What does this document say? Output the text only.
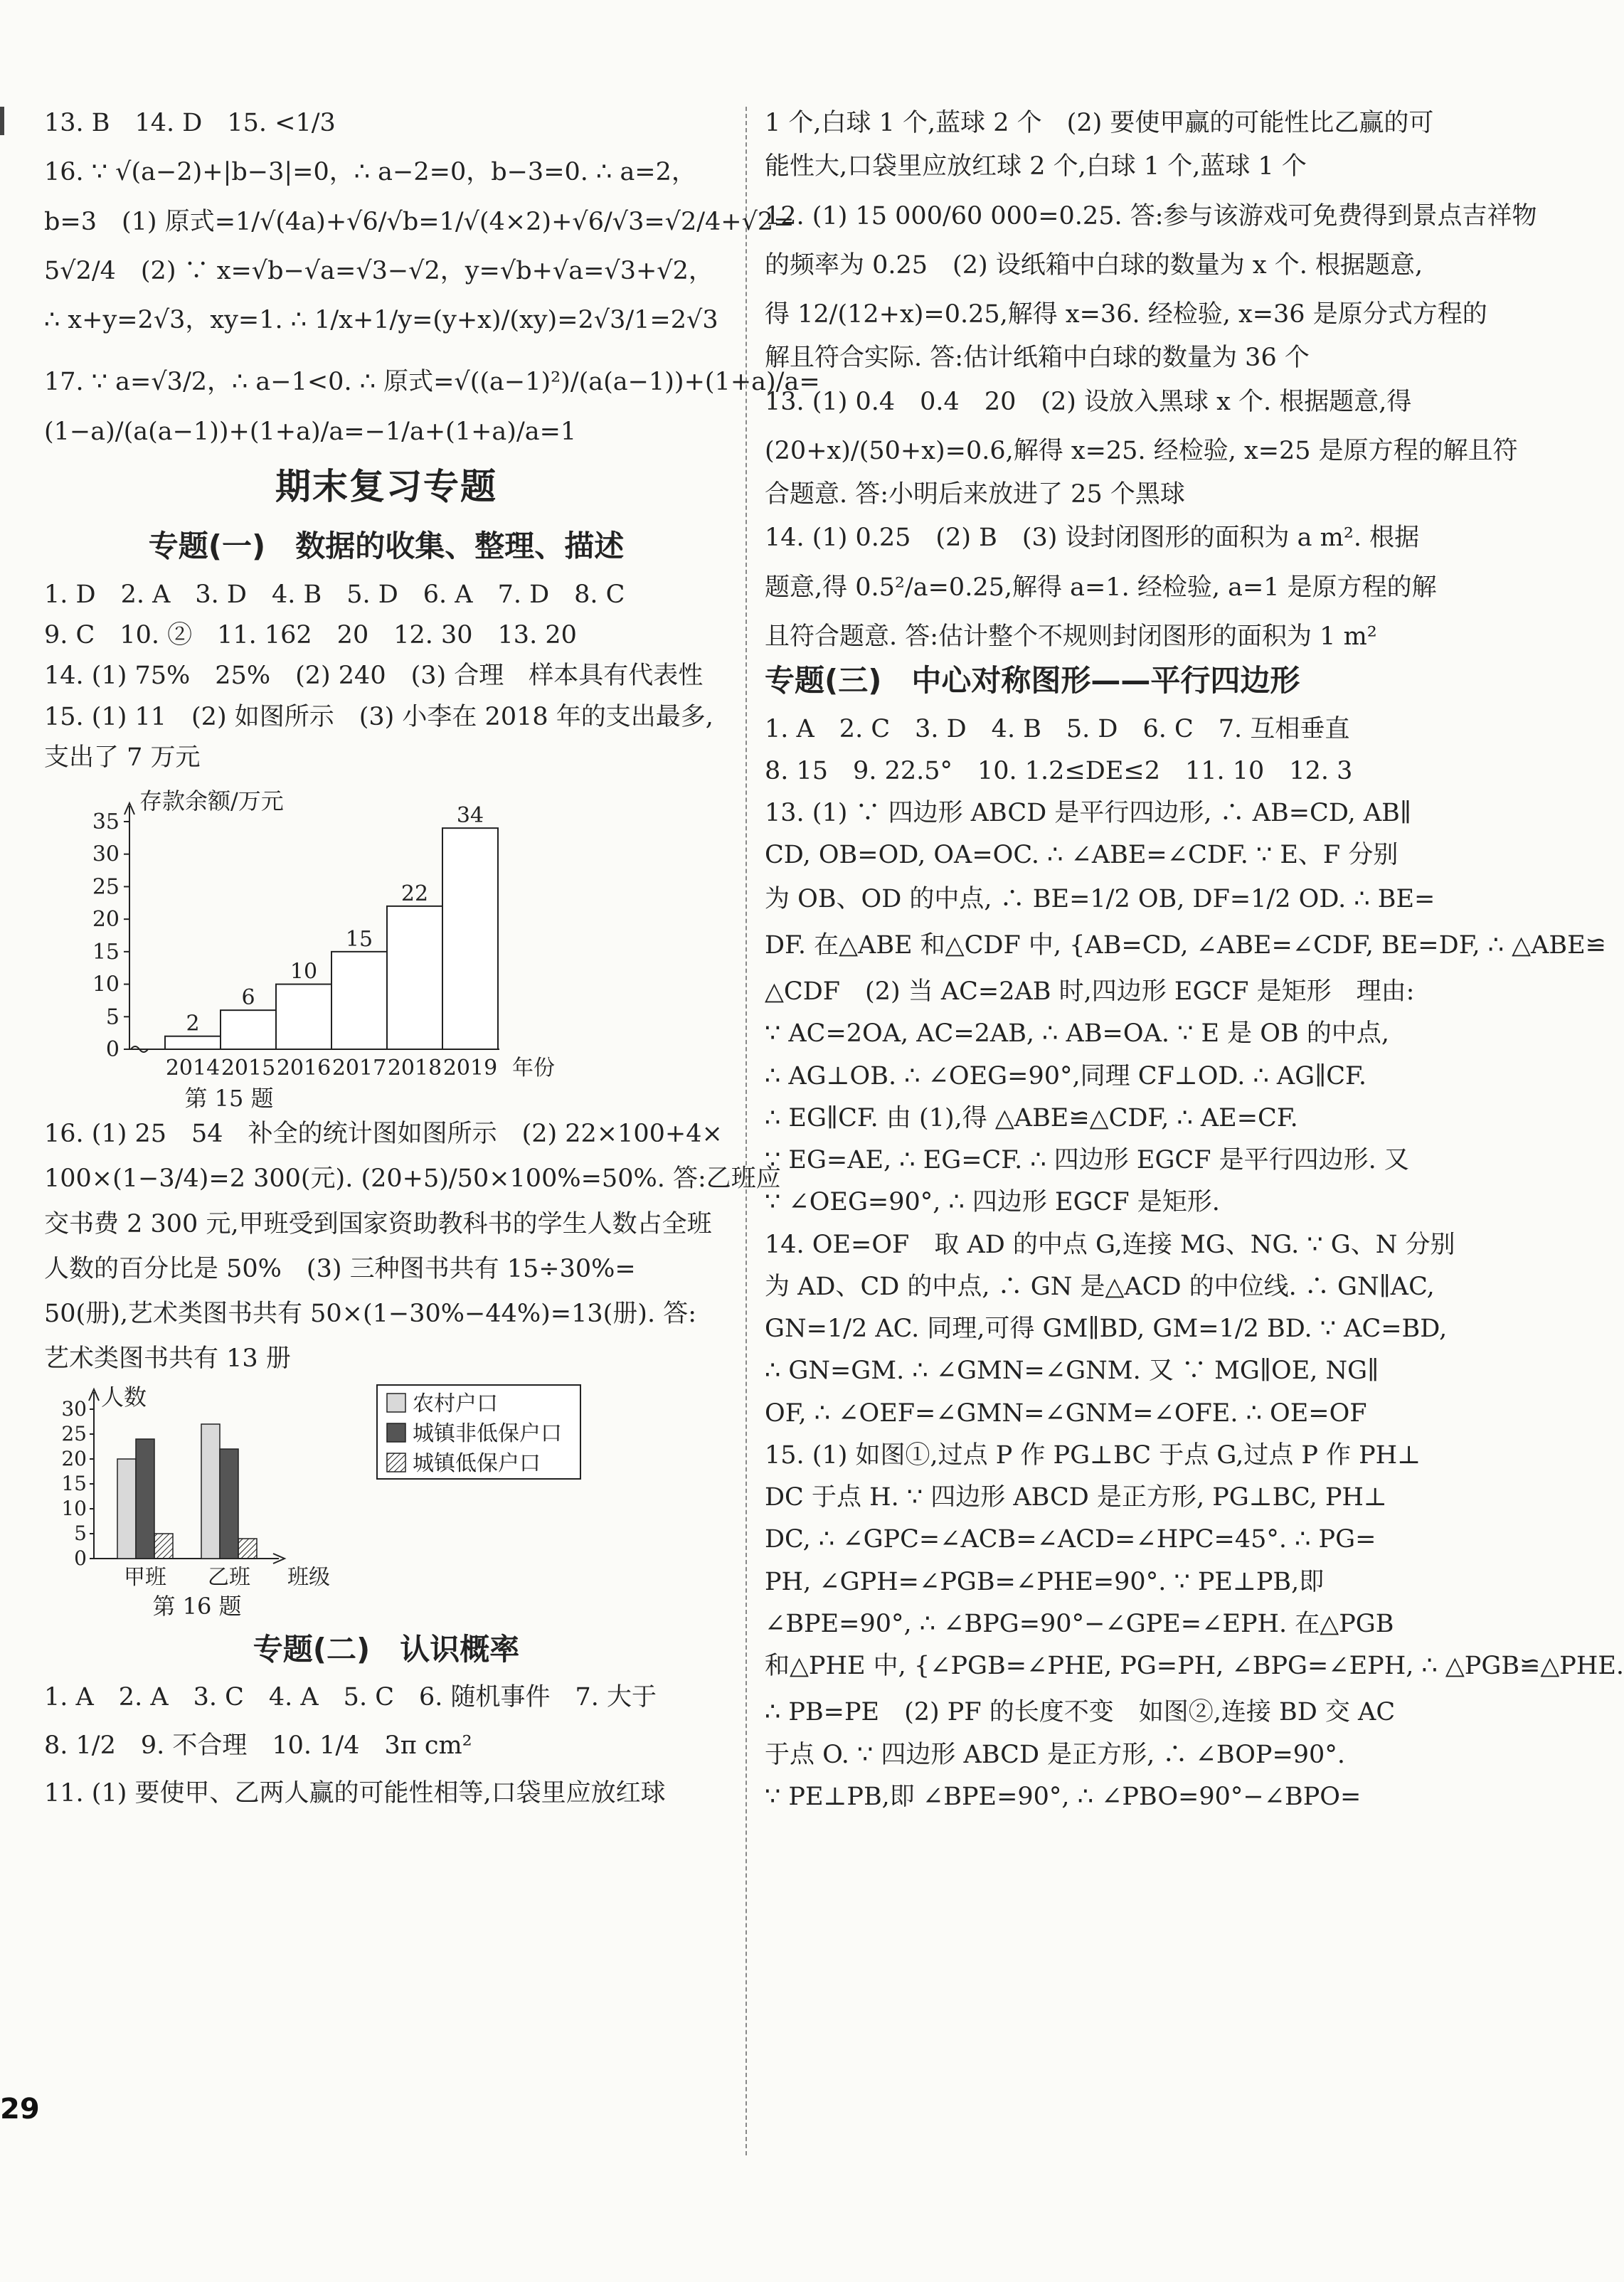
13. B　14. D　15. <1/3

16. ∵ √(a−2)+|b−3|=0，∴ a−2=0，b−3=0. ∴ a=2，

b=3　(1) 原式=1/√(4a)+√6/√b=1/√(4×2)+√6/√3=√2/4+√2=

5√2/4　(2) ∵ x=√b−√a=√3−√2，y=√b+√a=√3+√2，

∴ x+y=2√3，xy=1. ∴ 1/x+1/y=(y+x)/(xy)=2√3/1=2√3

17. ∵ a=√3/2，∴ a−1<0. ∴ 原式=√((a−1)²)/(a(a−1))+(1+a)/a=

(1−a)/(a(a−1))+(1+a)/a=−1/a+(1+a)/a=1

期末复习专题
专题(一)　数据的收集、整理、描述

1. D　2. A　3. D　4. B　5. D　6. A　7. D　8. C

9. C　10. ②　11. 162　20　12. 30　13. 20

14. (1) 75%　25%　(2) 240　(3) 合理　样本具有代表性

15. (1) 11　(2) 如图所示　(3) 小李在 2018 年的支出最多,

支出了 7 万元

存款余额/万元
0
5
10
15
20
25
30
35
2
2014
6
2015
10
2016
15
2017
22
2018
34
2019 年份
第 15 题

16. (1) 25　54　补全的统计图如图所示　(2) 22×100+4×

100×(1−3/4)=2 300(元). (20+5)/50×100%=50%. 答:乙班应

交书费 2 300 元,甲班受到国家资助教科书的学生人数占全班

人数的百分比是 50%　(3) 三种图书共有 15÷30%=

50(册),艺术类图书共有 50×(1−30%−44%)=13(册). 答:

艺术类图书共有 13 册

人数
0
5
10
15
20
25
30
甲班 乙班 班级
第 16 题
农村户口
城镇非低保户口
城镇低保户口
专题(二)　认识概率

1. A　2. A　3. C　4. A　5. C　6. 随机事件　7. 大于

8. 1/2　9. 不合理　10. 1/4　3π cm²

11. (1) 要使甲、乙两人赢的可能性相等,口袋里应放红球

1 个,白球 1 个,蓝球 2 个　(2) 要使甲赢的可能性比乙赢的可

能性大,口袋里应放红球 2 个,白球 1 个,蓝球 1 个

12. (1) 15 000/60 000=0.25. 答:参与该游戏可免费得到景点吉祥物

的频率为 0.25　(2) 设纸箱中白球的数量为 x 个. 根据题意,

得 12/(12+x)=0.25,解得 x=36. 经检验, x=36 是原分式方程的

解且符合实际. 答:估计纸箱中白球的数量为 36 个

13. (1) 0.4　0.4　20　(2) 设放入黑球 x 个. 根据题意,得

(20+x)/(50+x)=0.6,解得 x=25. 经检验, x=25 是原方程的解且符

合题意. 答:小明后来放进了 25 个黑球

14. (1) 0.25　(2) B　(3) 设封闭图形的面积为 a m². 根据

题意,得 0.5²/a=0.25,解得 a=1. 经检验, a=1 是原方程的解

且符合题意. 答:估计整个不规则封闭图形的面积为 1 m²

专题(三)　中心对称图形——平行四边形

1. A　2. C　3. D　4. B　5. D　6. C　7. 互相垂直

8. 15　9. 22.5°　10. 1.2≤DE≤2　11. 10　12. 3

13. (1) ∵ 四边形 ABCD 是平行四边形, ∴ AB=CD, AB∥

CD, OB=OD, OA=OC. ∴ ∠ABE=∠CDF. ∵ E、F 分别

为 OB、OD 的中点, ∴ BE=1/2 OB, DF=1/2 OD. ∴ BE=

DF. 在△ABE 和△CDF 中, {AB=CD, ∠ABE=∠CDF, BE=DF, ∴ △ABE≌

△CDF　(2) 当 AC=2AB 时,四边形 EGCF 是矩形　理由:

∵ AC=2OA, AC=2AB, ∴ AB=OA. ∵ E 是 OB 的中点,

∴ AG⊥OB. ∴ ∠OEG=90°,同理 CF⊥OD. ∴ AG∥CF.

∴ EG∥CF. 由 (1),得 △ABE≌△CDF, ∴ AE=CF.

∵ EG=AE, ∴ EG=CF. ∴ 四边形 EGCF 是平行四边形. 又

∵ ∠OEG=90°, ∴ 四边形 EGCF 是矩形.

14. OE=OF　取 AD 的中点 G,连接 MG、NG. ∵ G、N 分别

为 AD、CD 的中点, ∴ GN 是△ACD 的中位线. ∴ GN∥AC,

GN=1/2 AC. 同理,可得 GM∥BD, GM=1/2 BD. ∵ AC=BD,

∴ GN=GM. ∴ ∠GMN=∠GNM. 又 ∵ MG∥OE, NG∥

OF, ∴ ∠OEF=∠GMN=∠GNM=∠OFE. ∴ OE=OF

15. (1) 如图①,过点 P 作 PG⊥BC 于点 G,过点 P 作 PH⊥

DC 于点 H. ∵ 四边形 ABCD 是正方形, PG⊥BC, PH⊥

DC, ∴ ∠GPC=∠ACB=∠ACD=∠HPC=45°. ∴ PG=

PH, ∠GPH=∠PGB=∠PHE=90°. ∵ PE⊥PB,即

∠BPE=90°, ∴ ∠BPG=90°−∠GPE=∠EPH. 在△PGB

和△PHE 中, {∠PGB=∠PHE, PG=PH, ∠BPG=∠EPH, ∴ △PGB≌△PHE.

∴ PB=PE　(2) PF 的长度不变　如图②,连接 BD 交 AC

于点 O. ∵ 四边形 ABCD 是正方形, ∴ ∠BOP=90°.

∵ PE⊥PB,即 ∠BPE=90°, ∴ ∠PBO=90°−∠BPO=

29
